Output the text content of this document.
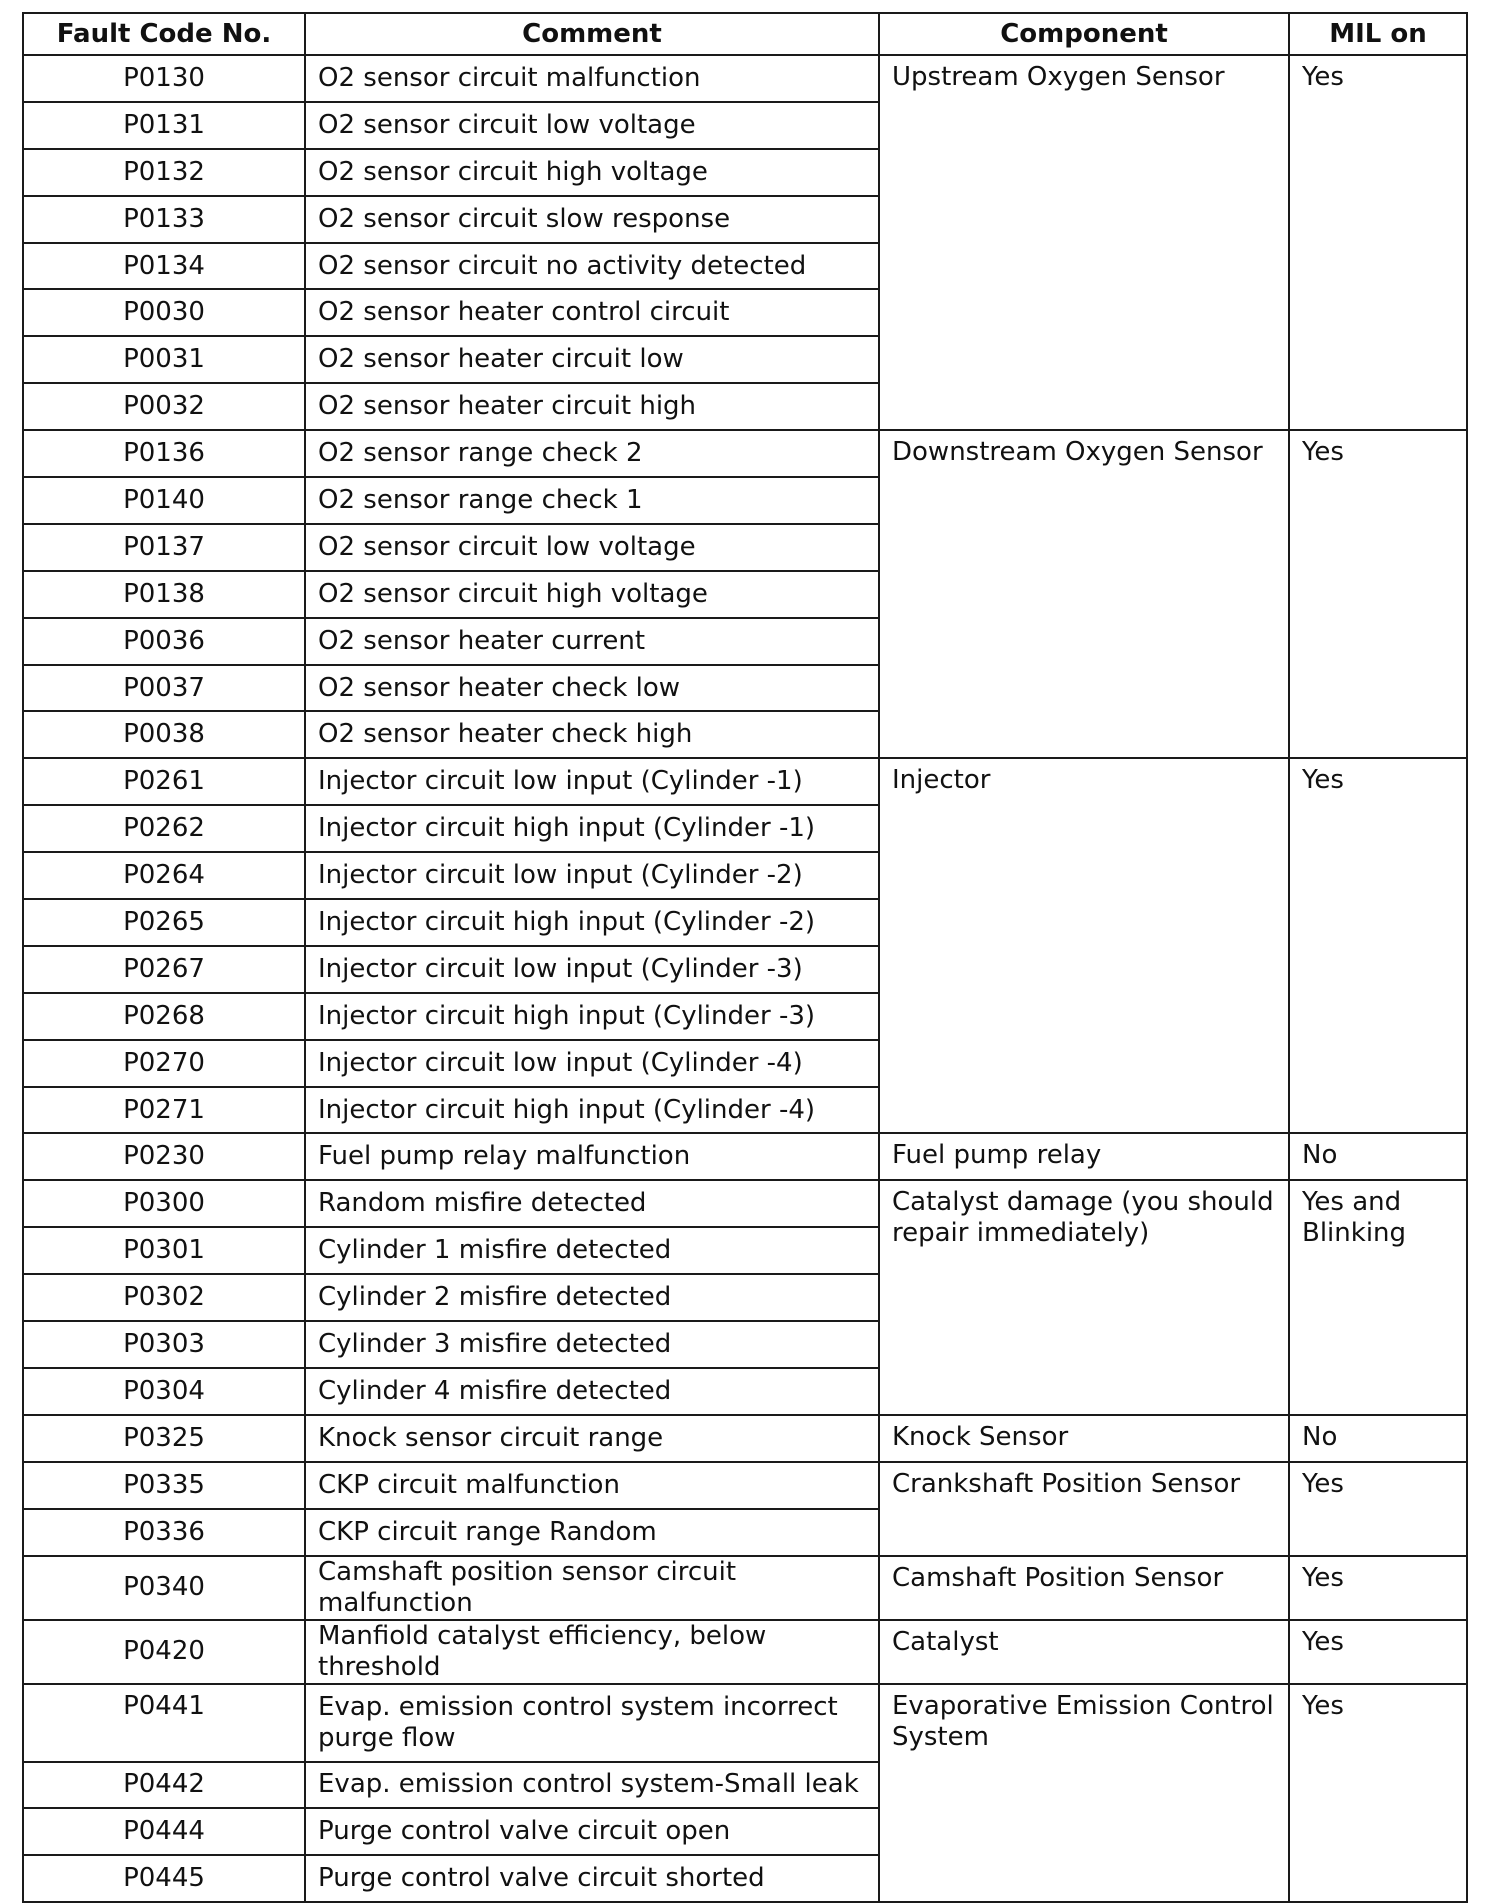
Fault Code No.	Comment	Component	MIL on
P0130	O2 sensor circuit malfunction	Upstream Oxygen Sensor	Yes
P0131	O2 sensor circuit low voltage		
P0132	O2 sensor circuit high voltage		
P0133	O2 sensor circuit slow response		
P0134	O2 sensor circuit no activity detected		
P0030	O2 sensor heater control circuit		
P0031	O2 sensor heater circuit low		
P0032	O2 sensor heater circuit high		
P0136	O2 sensor range check 2	Downstream Oxygen Sensor	Yes
P0140	O2 sensor range check 1		
P0137	O2 sensor circuit low voltage		
P0138	O2 sensor circuit high voltage		
P0036	O2 sensor heater current		
P0037	O2 sensor heater check low		
P0038	O2 sensor heater check high		
P0261	Injector circuit low input (Cylinder -1)	Injector	Yes
P0262	Injector circuit high input (Cylinder -1)		
P0264	Injector circuit low input (Cylinder -2)		
P0265	Injector circuit high input (Cylinder -2)		
P0267	Injector circuit low input (Cylinder -3)		
P0268	Injector circuit high input (Cylinder -3)		
P0270	Injector circuit low input (Cylinder -4)		
P0271	Injector circuit high input (Cylinder -4)		
P0230	Fuel pump relay malfunction	Fuel pump relay	No
P0300	Random misfire detected	Catalyst damage (you should repair immediately)	Yes and Blinking
P0301	Cylinder 1 misfire detected		
P0302	Cylinder 2 misfire detected		
P0303	Cylinder 3 misfire detected		
P0304	Cylinder 4 misfire detected		
P0325	Knock sensor circuit range	Knock Sensor	No
P0335	CKP circuit malfunction	Crankshaft Position Sensor	Yes
P0336	CKP circuit range Random		
P0340	Camshaft position sensor circuit malfunction	Camshaft Position Sensor	Yes
P0420	Manfiold catalyst efficiency, below threshold	Catalyst	Yes
P0441	Evap. emission control system incorrect purge flow	Evaporative Emission Control System	Yes
P0442	Evap. emission control system-Small leak		
P0444	Purge control valve circuit open		
P0445	Purge control valve circuit shorted		
